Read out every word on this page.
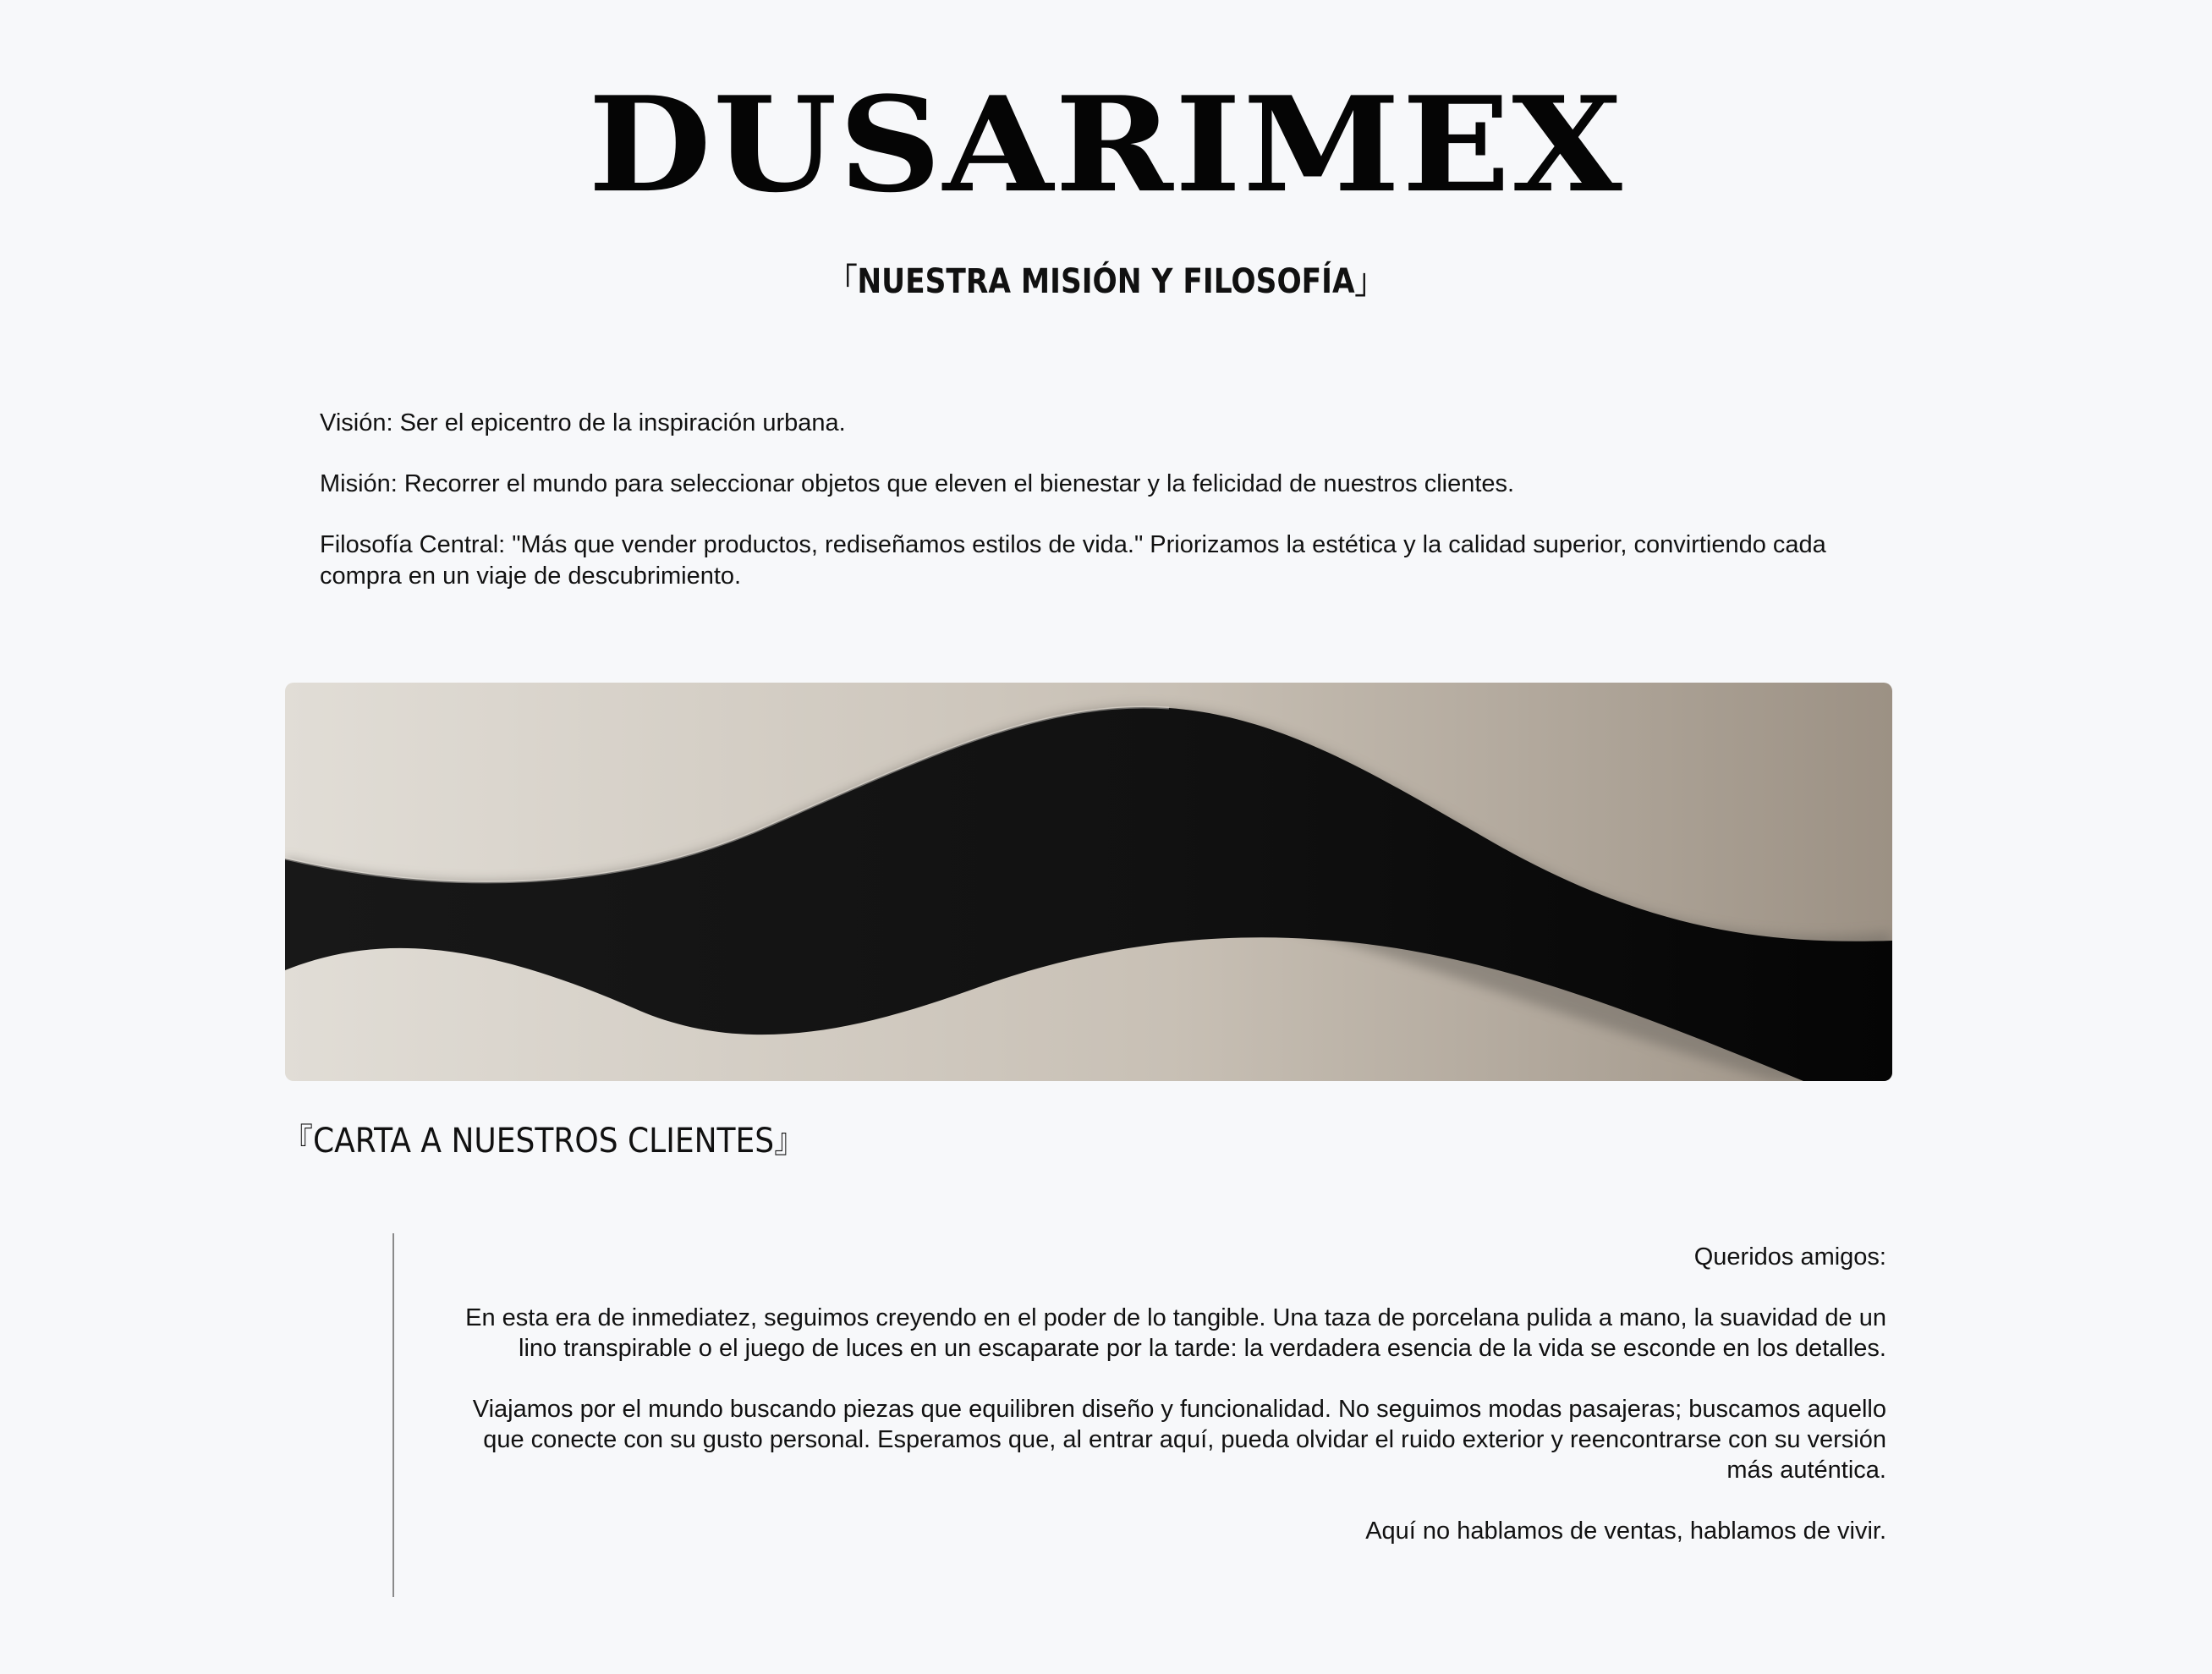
DUSARIMEX
「NUESTRA MISIÓN Y FILOSOFÍA」

Visión: Ser el epicentro de la inspiración urbana.

Misión: Recorrer el mundo para seleccionar objetos que eleven el bienestar y la felicidad de nuestros clientes.

Filosofía Central: "Más que vender productos, rediseñamos estilos de vida." Priorizamos la estética y la calidad superior, convirtiendo cada compra en un viaje de descubrimiento.

『CARTA A NUESTROS CLIENTES』

Queridos amigos:

En esta era de inmediatez, seguimos creyendo en el poder de lo tangible. Una taza de porcelana pulida a mano, la suavidad de un lino transpirable o el juego de luces en un escaparate por la tarde: la verdadera esencia de la vida se esconde en los detalles.

Viajamos por el mundo buscando piezas que equilibren diseño y funcionalidad. No seguimos modas pasajeras; buscamos aquello que conecte con su gusto personal. Esperamos que, al entrar aquí, pueda olvidar el ruido exterior y reencontrarse con su versión más auténtica.

Aquí no hablamos de ventas, hablamos de vivir.
